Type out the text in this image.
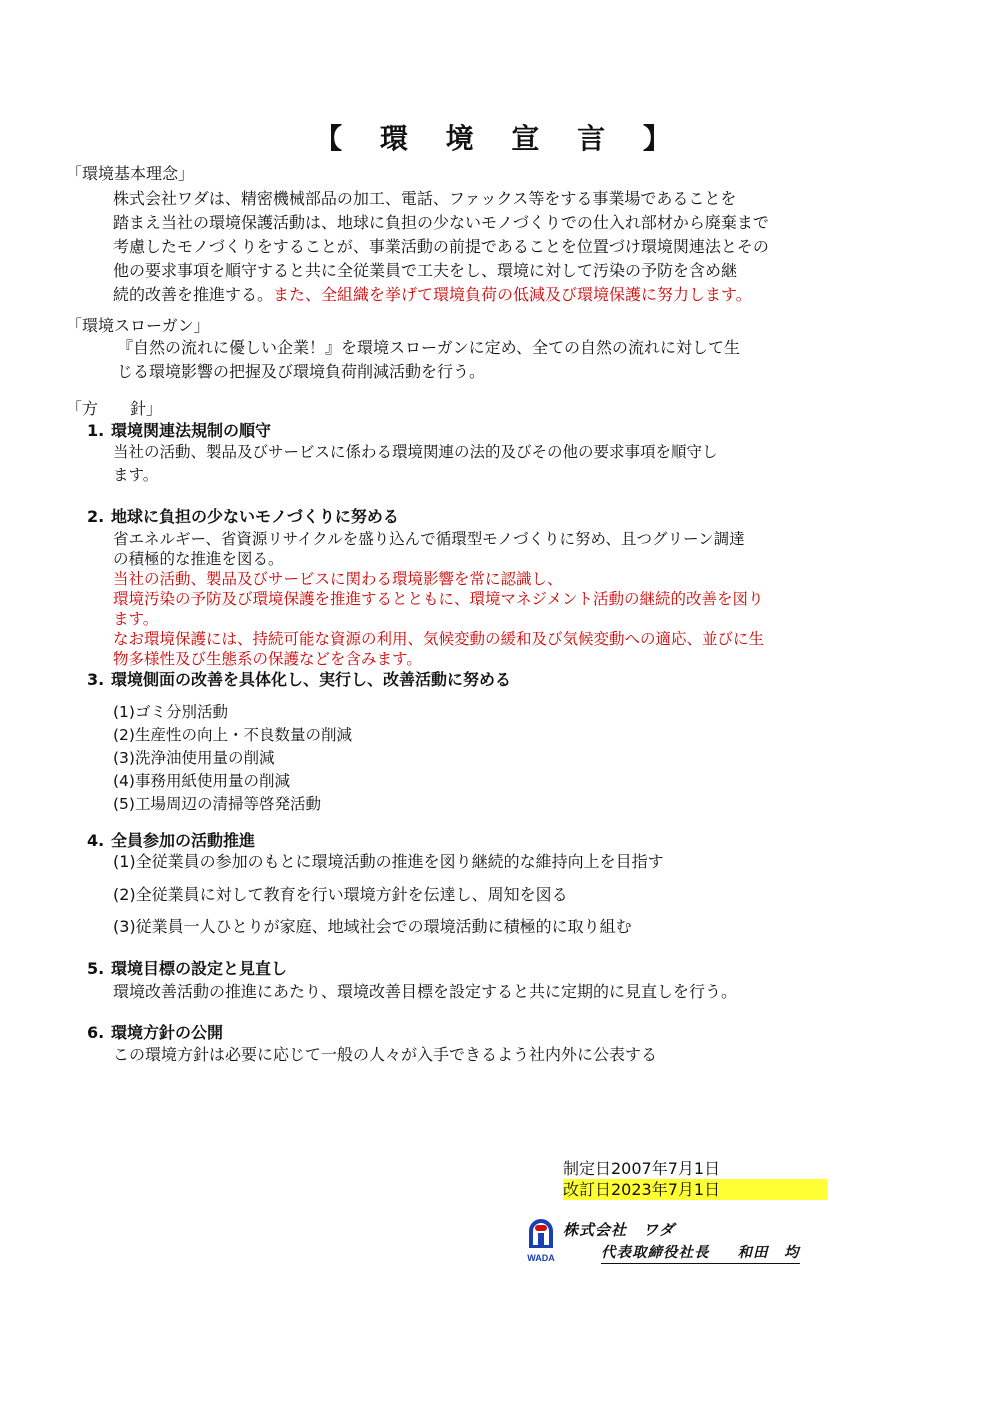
【 環 境 宣 言 】
「環境基本理念」
株式会社ワダは、精密機械部品の加工、電話、ファックス等をする事業場であることを
踏まえ当社の環境保護活動は、地球に負担の少ないモノづくりでの仕入れ部材から廃棄まで
考慮したモノづくりをすることが、事業活動の前提であることを位置づけ環境関連法とその
他の要求事項を順守すると共に全従業員で工夫をし、環境に対して汚染の予防を含め継
続的改善を推進する。また、全組織を挙げて環境負荷の低減及び環境保護に努力します。
「環境スローガン」
『自然の流れに優しい企業！』を環境スローガンに定め、全ての自然の流れに対して生
じる環境影響の把握及び環境負荷削減活動を行う。
「方　　針」
1. 環境関連法規制の順守
当社の活動、製品及びサービスに係わる環境関連の法的及びその他の要求事項を順守し
ます。
2. 地球に負担の少ないモノづくりに努める
省エネルギー、省資源リサイクルを盛り込んで循環型モノづくりに努め、且つグリーン調達
の積極的な推進を図る。
当社の活動、製品及びサービスに関わる環境影響を常に認識し、
環境汚染の予防及び環境保護を推進するとともに、環境マネジメント活動の継続的改善を図り
ます。
なお環境保護には、持続可能な資源の利用、気候変動の緩和及び気候変動への適応、並びに生
物多様性及び生態系の保護などを含みます。
3. 環境側面の改善を具体化し、実行し、改善活動に努める
(1)ゴミ分別活動
(2)生産性の向上・不良数量の削減
(3)洗浄油使用量の削減
(4)事務用紙使用量の削減
(5)工場周辺の清掃等啓発活動
4. 全員参加の活動推進
(1)全従業員の参加のもとに環境活動の推進を図り継続的な維持向上を目指す
(2)全従業員に対して教育を行い環境方針を伝達し、周知を図る
(3)従業員一人ひとりが家庭、地域社会での環境活動に積極的に取り組む
5. 環境目標の設定と見直し
環境改善活動の推進にあたり、環境改善目標を設定すると共に定期的に見直しを行う。
6. 環境方針の公開
この環境方針は必要に応じて一般の人々が入手できるよう社内外に公表する
制定日2007年7月1日
改訂日2023年7月1日
WADA
株式会社　ワダ
代表取締役社長 和田　均
